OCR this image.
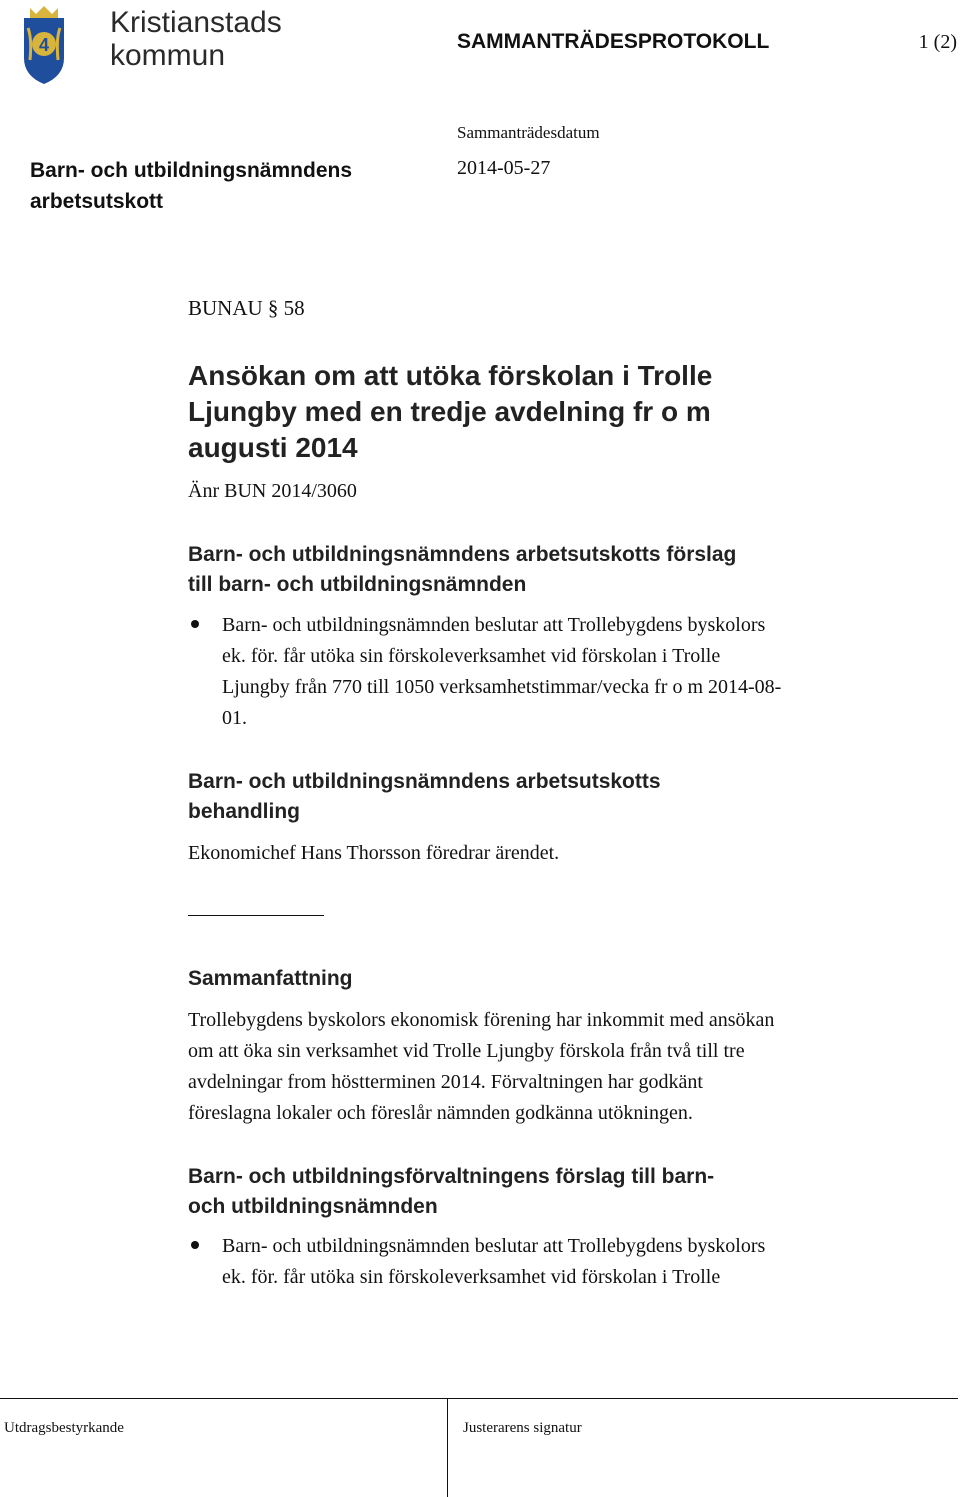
4
Kristianstads
kommun	SAMMANTRÄDESPROTOKOLL	1 (2)
Sammanträdesdatum
2014-05-27
Barn- och utbildningsnämndens
arbetsutskott
BUNAU § 58
Ansökan om att utöka förskolan i Trolle
Ljungby med en tredje avdelning fr o m
augusti 2014
Änr BUN 2014/3060
Barn- och utbildningsnämndens arbetsutskotts förslag
till barn- och utbildningsnämnden
Barn- och utbildningsnämnden beslutar att Trollebygdens byskolors
ek. för. får utöka sin förskoleverksamhet vid förskolan i Trolle
Ljungby från 770 till 1050 verksamhetstimmar/vecka fr o m 2014-08-
01.
Barn- och utbildningsnämndens arbetsutskotts
behandling
Ekonomichef Hans Thorsson föredrar ärendet.
Sammanfattning
Trollebygdens byskolors ekonomisk förening har inkommit med ansökan
om att öka sin verksamhet vid Trolle Ljungby förskola från två till tre
avdelningar from höstterminen 2014. Förvaltningen har godkänt
föreslagna lokaler och föreslår nämnden godkänna utökningen.
Barn- och utbildningsförvaltningens förslag till barn-
och utbildningsnämnden
Barn- och utbildningsnämnden beslutar att Trollebygdens byskolors
ek. för. får utöka sin förskoleverksamhet vid förskolan i Trolle
Utdragsbestyrkande	Justerarens signatur
